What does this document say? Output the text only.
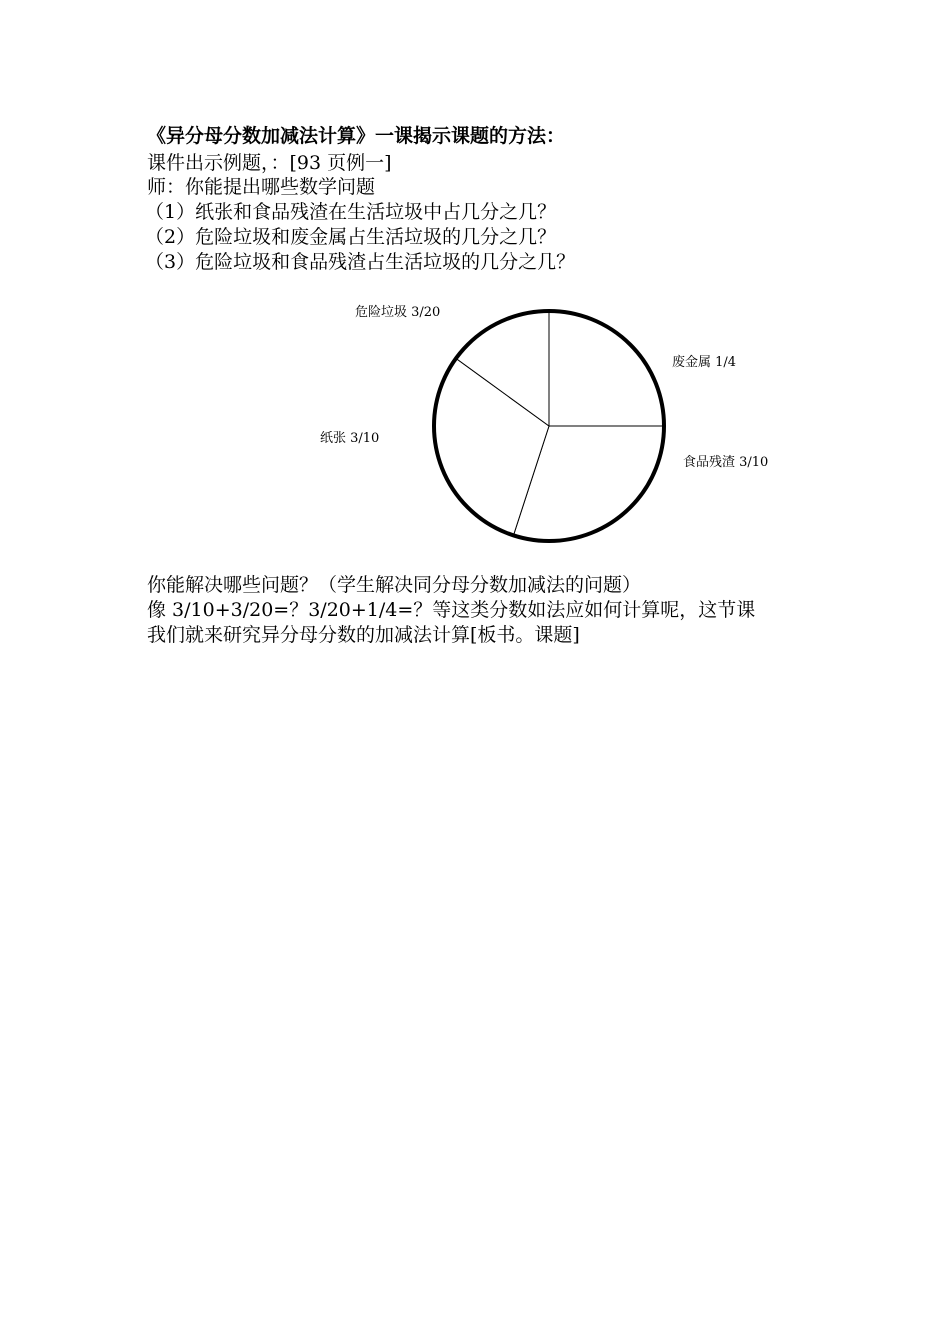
《异分母分数加减法计算》一课揭示课题的方法：
课件出示例题，：[93 页例一]
师：你能提出哪些数学问题
（1）纸张和食品残渣在生活垃圾中占几分之几？
（2）危险垃圾和废金属占生活垃圾的几分之几？
（3）危险垃圾和食品残渣占生活垃圾的几分之几？
废金属 1/4
食品残渣 3/10
纸张 3/10
危险垃圾 3/20
你能解决哪些问题？（学生解决同分母分数加减法的问题）
像 3/10+3/20=？3/20+1/4=？等这类分数如法应如何计算呢，这节课
我们就来研究异分母分数的加减法计算[板书。课题]
